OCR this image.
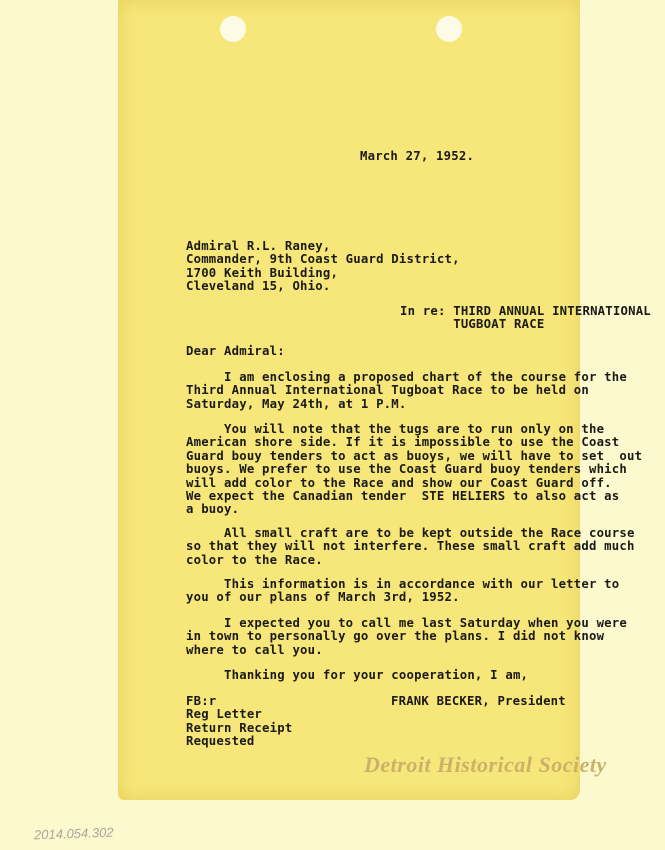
March 27, 1952.
Admiral R.L. Raney,
Commander, 9th Coast Guard District,
1700 Keith Building,
Cleveland 15, Ohio.
In re: THIRD ANNUAL INTERNATIONAL
TUGBOAT RACE
Dear Admiral:
I am enclosing a proposed chart of the course for the
Third Annual International Tugboat Race to be held on
Saturday, May 24th, at 1 P.M.
You will note that the tugs are to run only on the
American shore side. If it is impossible to use the Coast
Guard bouy tenders to act as buoys, we will have to set  out
buoys. We prefer to use the Coast Guard buoy tenders which
will add color to the Race and show our Coast Guard off.
We expect the Canadian tender  STE HELIERS to also act as
a buoy.
All small craft are to be kept outside the Race course
so that they will not interfere. These small craft add much
color to the Race.
This information is in accordance with our letter to
you of our plans of March 3rd, 1952.
I expected you to call me last Saturday when you were
in town to personally go over the plans. I did not know
where to call you.
Thanking you for your cooperation, I am,
FB:r
Reg Letter
Return Receipt
Requested
FRANK BECKER, President
Detroit Historical Society
2014.054.302
